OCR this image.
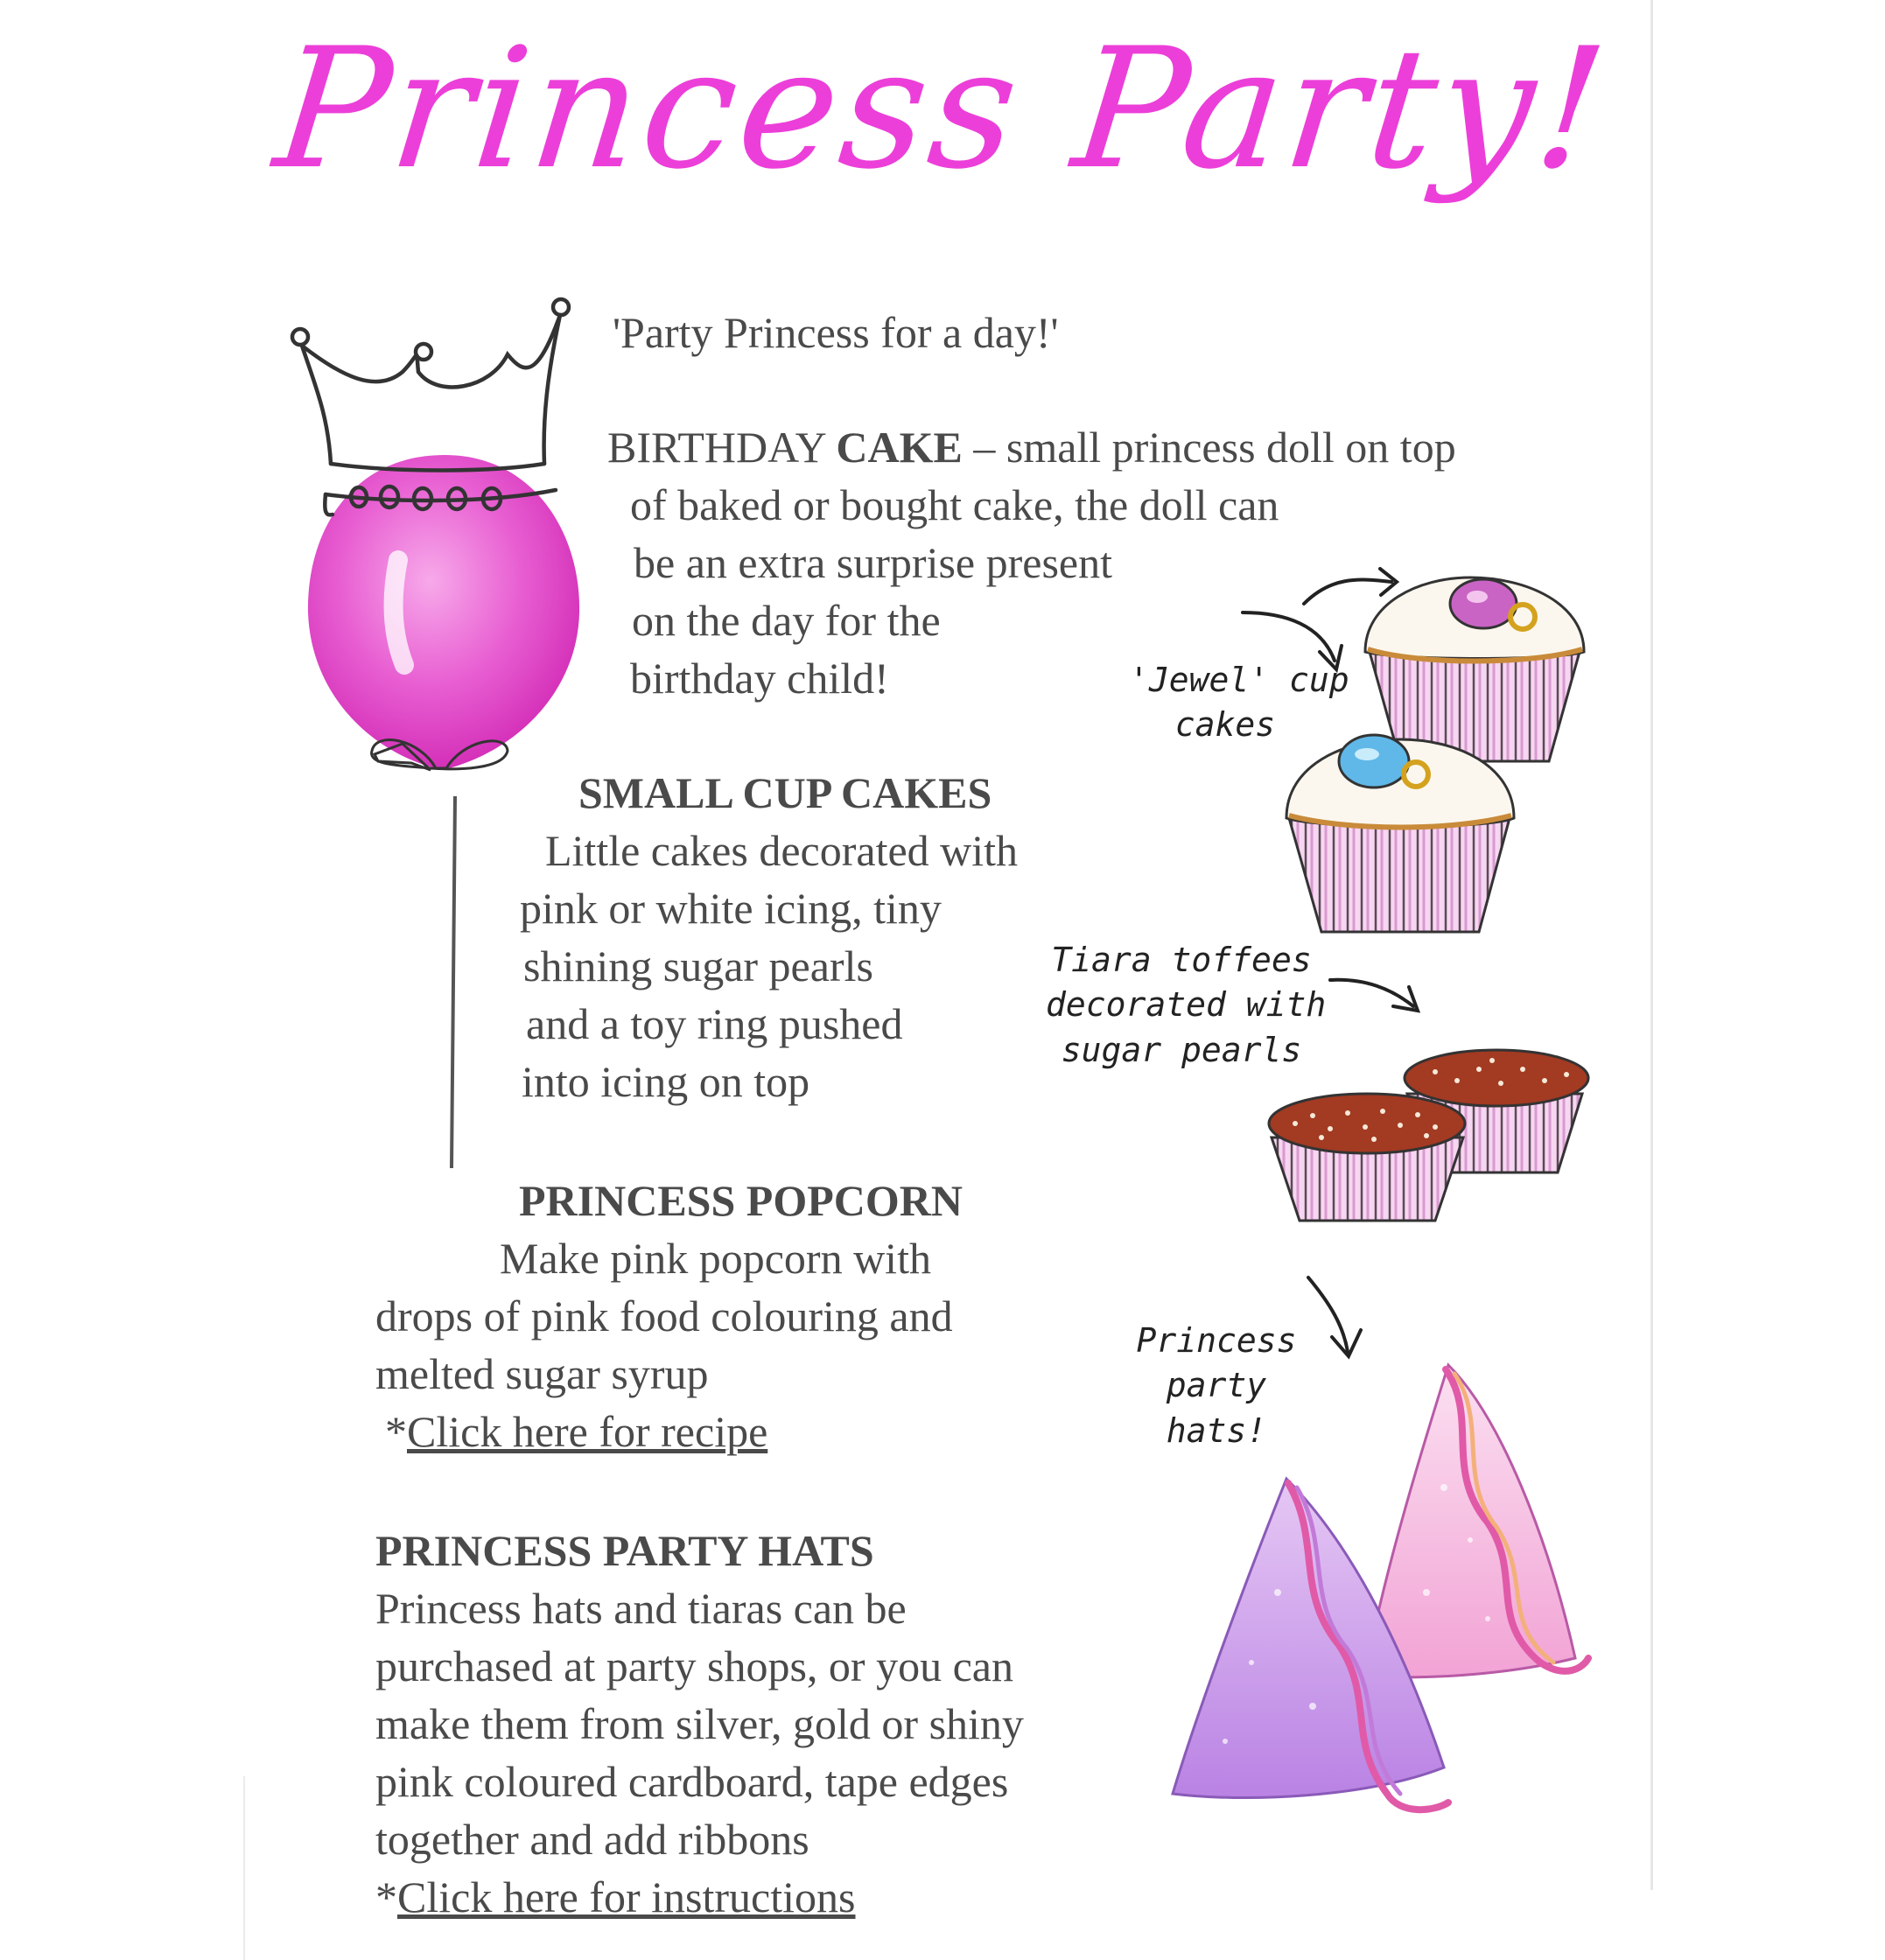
Princess Party!
'Party Princess for a day!'
BIRTHDAY CAKE – small princess doll on top
of baked or bought cake, the doll can
be an extra surprise present
on the day for the
birthday child!
SMALL CUP CAKES
Little cakes decorated with
pink or white icing, tiny
shining sugar pearls
and a toy ring pushed
into icing on top
PRINCESS POPCORN
Make pink popcorn with
drops of pink food colouring and
melted sugar syrup
*Click here for recipe
PRINCESS PARTY HATS
Princess hats and tiaras can be
purchased at party shops, or you can
make them from silver, gold or shiny
pink coloured cardboard, tape edges
together and add ribbons
*Click here for instructions
'Jewel' cup
cakes
Tiara toffees
decorated with
sugar pearls
Princess
party
hats!
